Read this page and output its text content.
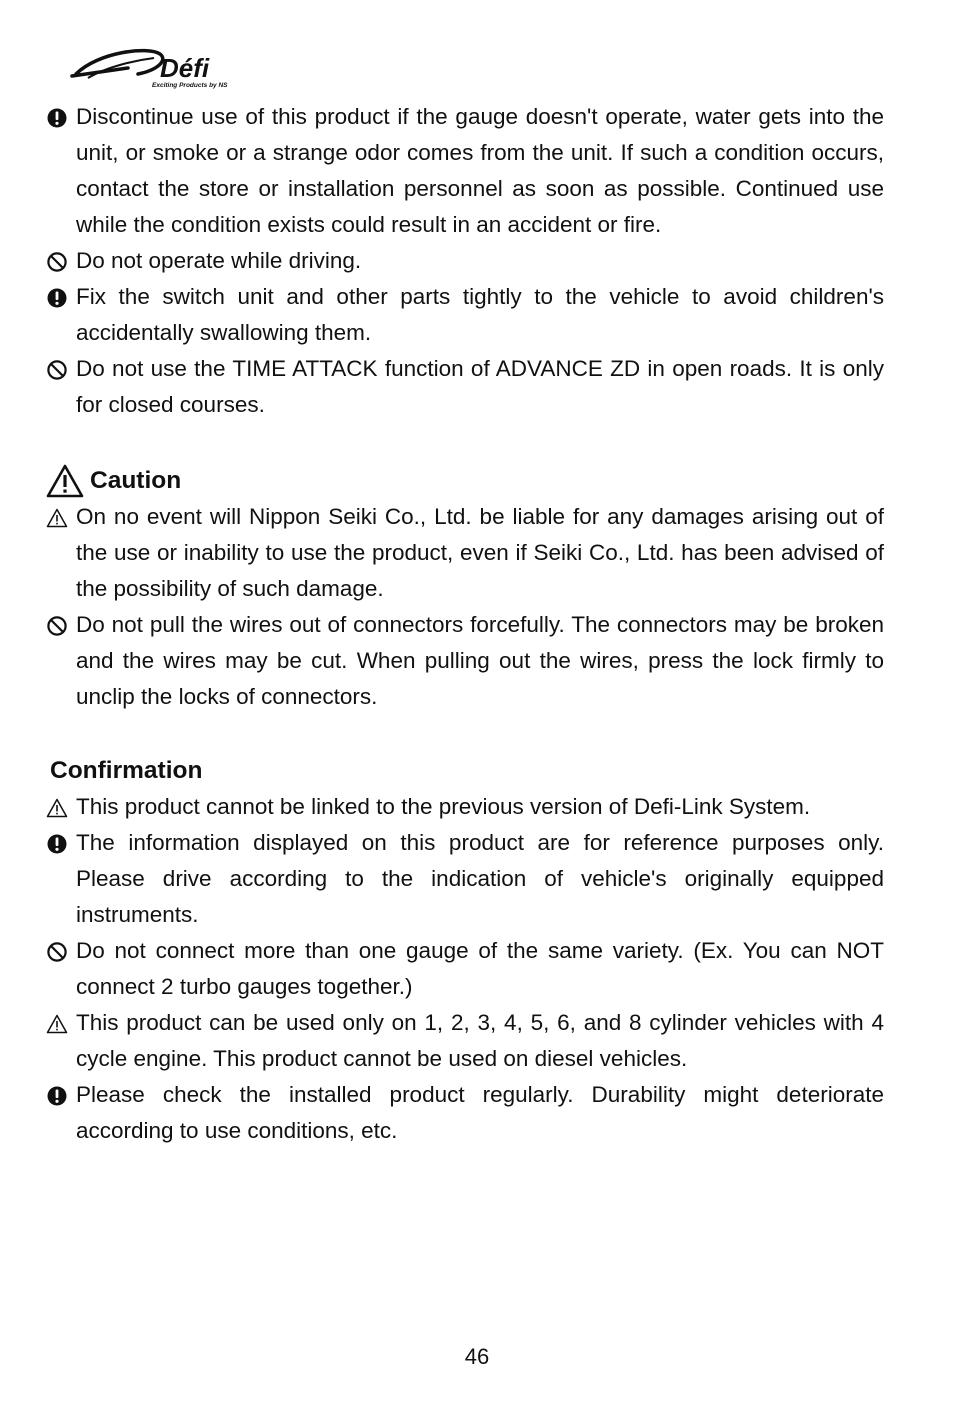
Défi
Exciting Products by NS
Discontinue use of this product if the gauge doesn't operate, water gets into the unit, or smoke or a strange odor comes from the unit. If such a condition occurs, contact the store or installation personnel as soon as possible. Continued use while the condition exists could result in an accident or fire.
Do not operate while driving.
Fix the switch unit and other parts tightly to the vehicle to avoid children's accidentally swallowing them.
Do not use the TIME ATTACK function of ADVANCE ZD in open roads. It is only for closed courses.
Caution
On no event will Nippon Seiki Co., Ltd. be liable for any damages arising out of the use or inability to use the product, even if Seiki Co., Ltd. has been advised of the possibility of such damage.
Do not pull the wires out of connectors forcefully. The connectors may be broken and the wires may be cut. When pulling out the wires, press the lock firmly to unclip the locks of connectors.
Confirmation
This product cannot be linked to the previous version of Defi-Link System.
The information displayed on this product are for reference purposes only. Please drive according to the indication of vehicle's originally equipped instruments.
Do not connect more than one gauge of the same variety. (Ex. You can NOT connect 2 turbo gauges together.)
This product can be used only on 1, 2, 3, 4, 5, 6, and 8 cylinder vehicles with 4 cycle engine. This product cannot be used on diesel vehicles.
Please check the installed product regularly. Durability might deteriorate according to use conditions, etc.
46
